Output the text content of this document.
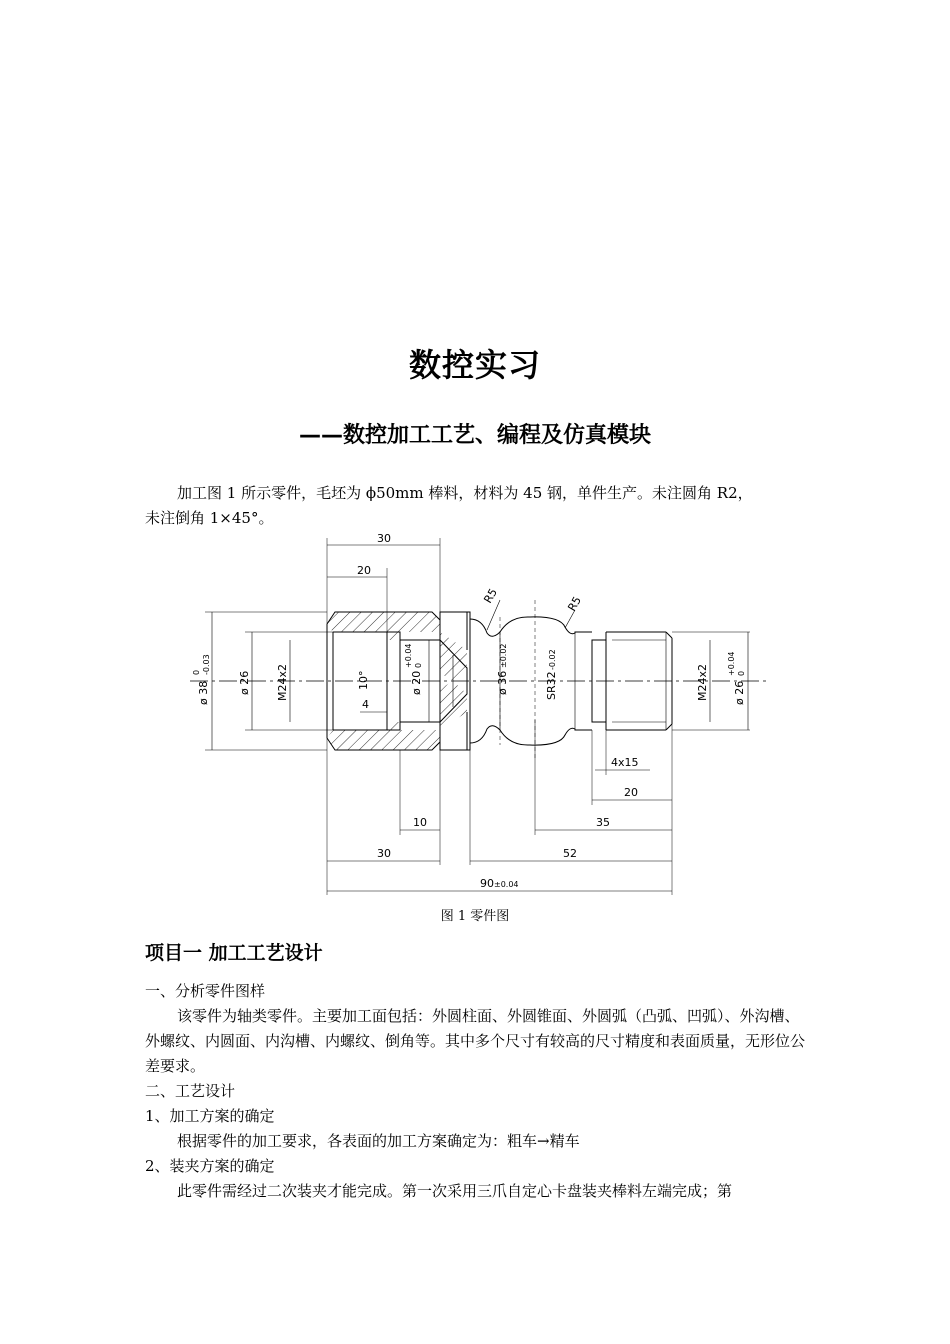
数控实习
——数控加工工艺、编程及仿真模块
加工图 1 所示零件，毛坯为 ϕ50mm 棒料，材料为 45 钢，单件生产。未注圆角 R2，
未注倒角 1×45°。
30
20
R5	R5
ø 38
0 -0.03
ø 26 M24x2	10°
4
ø 20
+0.04 0
ø 36
±0.02
SR32
-0.02
M24x2 ø 26
+0.04 0
4x15
20
10	35
30	52
90 ±0.04
图 1 零件图
项目一 加工工艺设计
一、分析零件图样
该零件为轴类零件。主要加工面包括：外圆柱面、外圆锥面、外圆弧（凸弧、凹弧）、外沟槽、外螺纹、内圆面、内沟槽、内螺纹、倒角等。其中多个尺寸有较高的尺寸精度和表面质量，无形位公差要求。
二、工艺设计
1、加工方案的确定
根据零件的加工要求，各表面的加工方案确定为：粗车→精车
2、装夹方案的确定
此零件需经过二次装夹才能完成。第一次采用三爪自定心卡盘装夹棒料左端完成；第
